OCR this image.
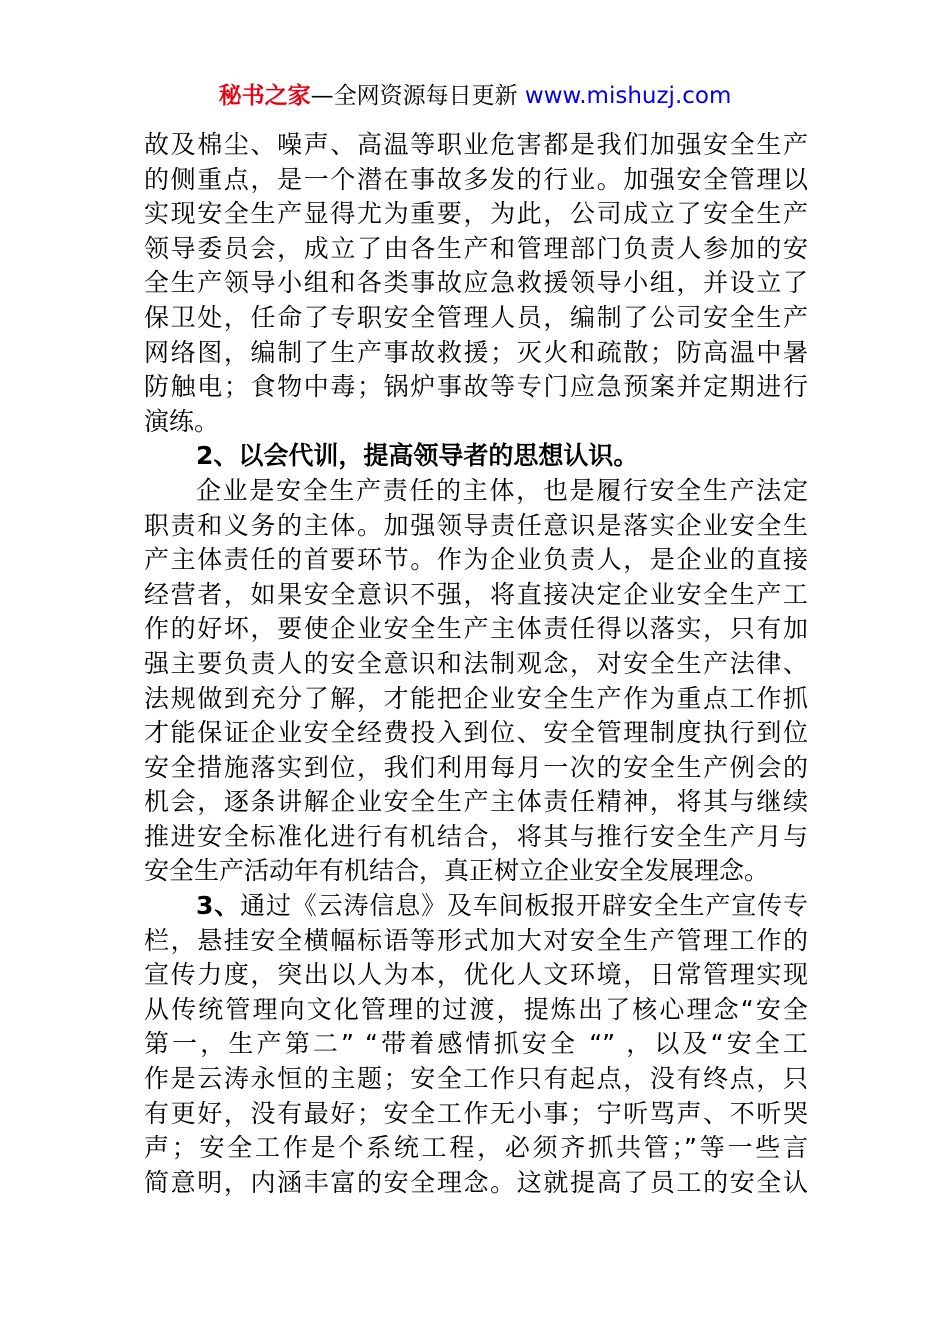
秘书之家—全网资源每日更新 www.mishuzj.com
故及棉尘、噪声、高温等职业危害都是我们加强安全生产
的侧重点，是一个潜在事故多发的行业。加强安全管理以
实现安全生产显得尤为重要，为此，公司成立了安全生产
领导委员会，成立了由各生产和管理部门负责人参加的安
全生产领导小组和各类事故应急救援领导小组，并设立了
保卫处，任命了专职安全管理人员，编制了公司安全生产
网络图，编制了生产事故救援；灭火和疏散；防高温中暑
防触电；食物中毒；锅炉事故等专门应急预案并定期进行
演练。
2、以会代训，提高领导者的思想认识。
企业是安全生产责任的主体，也是履行安全生产法定
职责和义务的主体。加强领导责任意识是落实企业安全生
产主体责任的首要环节。作为企业负责人，是企业的直接
经营者，如果安全意识不强，将直接决定企业安全生产工
作的好坏，要使企业安全生产主体责任得以落实，只有加
强主要负责人的安全意识和法制观念，对安全生产法律、
法规做到充分了解，才能把企业安全生产作为重点工作抓
才能保证企业安全经费投入到位、安全管理制度执行到位
安全措施落实到位，我们利用每月一次的安全生产例会的
机会，逐条讲解企业安全生产主体责任精神，将其与继续
推进安全标准化进行有机结合，将其与推行安全生产月与
安全生产活动年有机结合，真正树立企业安全发展理念。
3、通过《云涛信息》及车间板报开辟安全生产宣传专
栏，悬挂安全横幅标语等形式加大对安全生产管理工作的
宣传力度，突出以人为本，优化人文环境，日常管理实现
从传统管理向文化管理的过渡，提炼出了核心理念“安全
第一，生产第二” “带着感情抓安全 “” ，以及“安全工
作是云涛永恒的主题；安全工作只有起点，没有终点，只
有更好，没有最好；安全工作无小事；宁听骂声、不听哭
声；安全工作是个系统工程，必须齐抓共管；”等一些言
简意明，内涵丰富的安全理念。这就提高了员工的安全认
